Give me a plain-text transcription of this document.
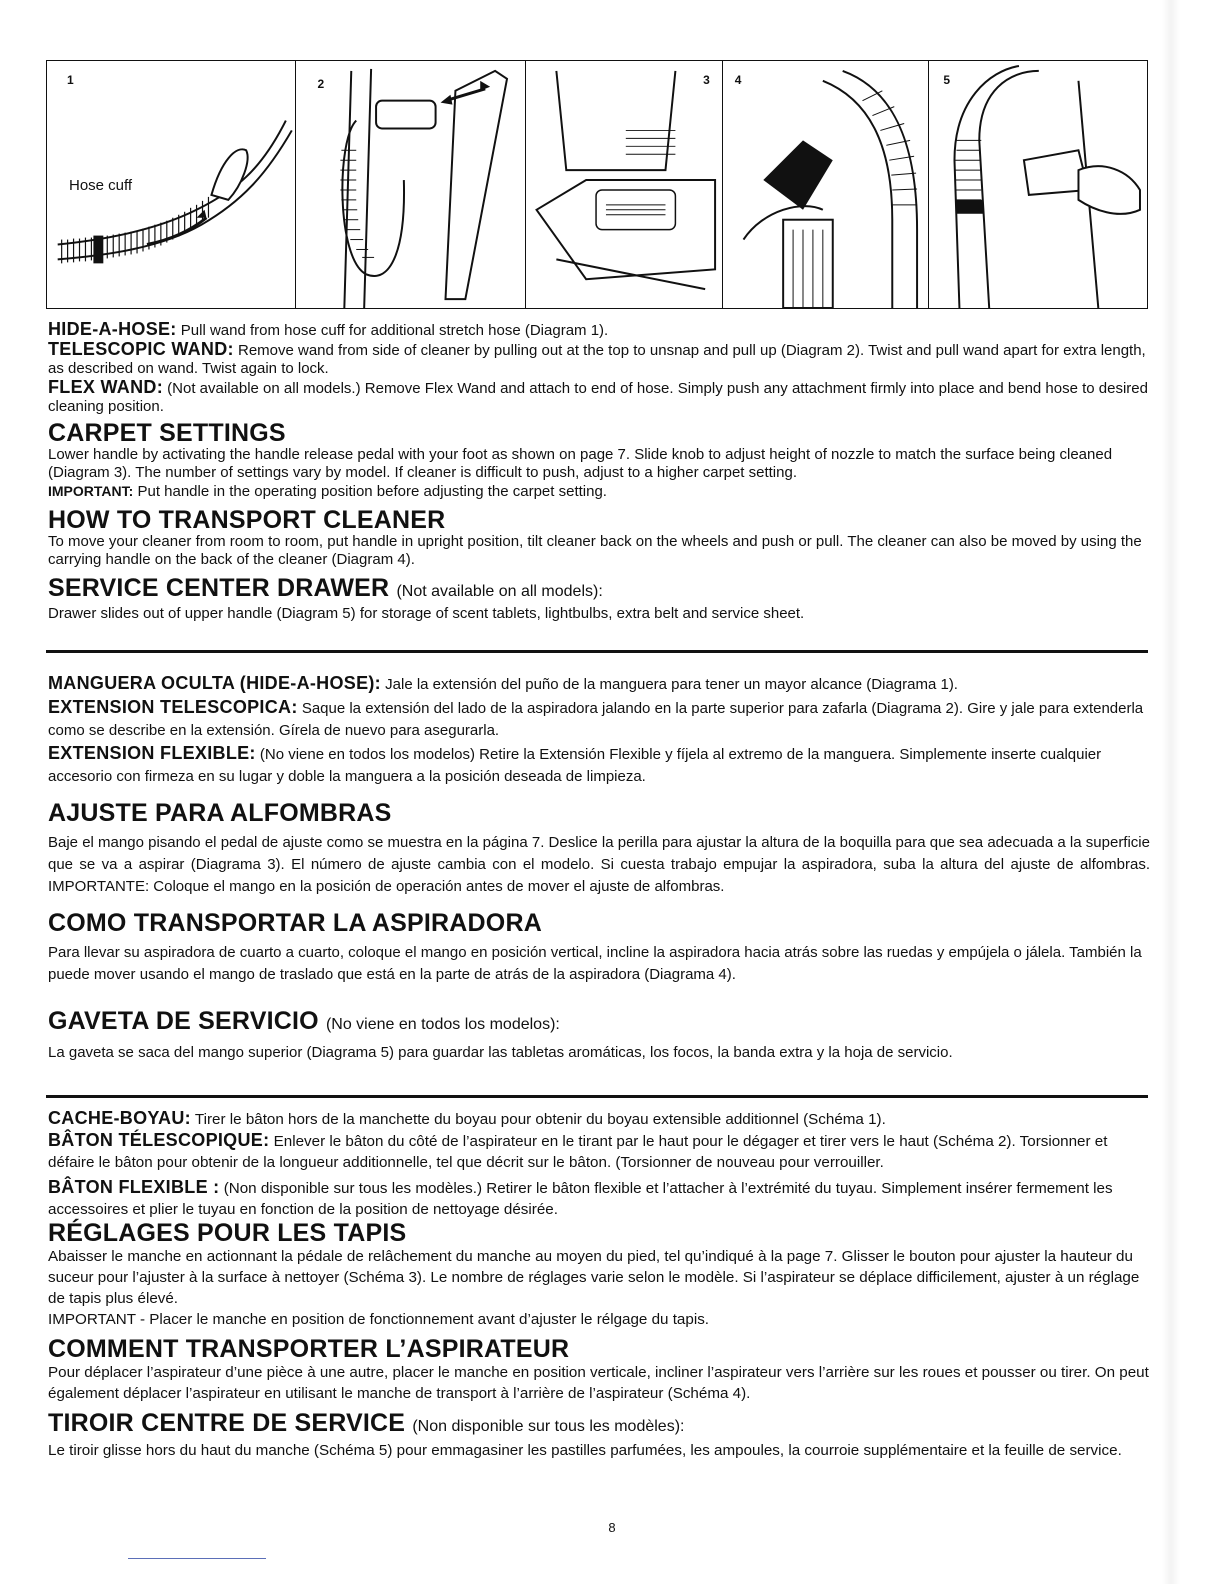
1
Hose cuff
2	3 4	5

HIDE-A-HOSE: Pull wand from hose cuff for additional stretch hose (Diagram 1).

TELESCOPIC WAND: Remove wand from side of cleaner by pulling out at the top to unsnap and pull up (Diagram 2). Twist and pull wand apart for extra length, as described on wand. Twist again to lock.

FLEX WAND: (Not available on all models.) Remove Flex Wand and attach to end of hose. Simply push any attachment firmly into place and bend hose to desired cleaning position.

CARPET SETTINGS

Lower handle by activating the handle release pedal with your foot as shown on page 7. Slide knob to adjust height of nozzle to match the surface being cleaned (Diagram 3). The number of settings vary by model. If cleaner is difficult to push, adjust to a higher carpet setting.

IMPORTANT: Put handle in the operating position before adjusting the carpet setting.

HOW TO TRANSPORT CLEANER

To move your cleaner from room to room, put handle in upright position, tilt cleaner back on the wheels and push or pull. The cleaner can also be moved by using the carrying handle on the back of the cleaner (Diagram 4).

SERVICE CENTER DRAWER (Not available on all models):

Drawer slides out of upper handle (Diagram 5) for storage of scent tablets, lightbulbs, extra belt and service sheet.

MANGUERA OCULTA (HIDE-A-HOSE): Jale la extensión del puño de la manguera para tener un mayor alcance (Diagrama 1).

EXTENSION TELESCOPICA: Saque la extensión del lado de la aspiradora jalando en la parte superior para zafarla (Diagrama 2). Gire y jale para extenderla como se describe en la extensión. Gírela de nuevo para asegurarla.

EXTENSION FLEXIBLE: (No viene en todos los modelos) Retire la Extensión Flexible y fíjela al extremo de la manguera. Simplemente inserte cualquier accesorio con firmeza en su lugar y doble la manguera a la posición deseada de limpieza.

AJUSTE PARA ALFOMBRAS

Baje el mango pisando el pedal de ajuste como se muestra en la página 7. Deslice la perilla para ajustar la altura de la boquilla para que sea adecuada a la superficie que se va a aspirar (Diagrama 3). El número de ajuste cambia con el modelo. Si cuesta trabajo empujar la aspiradora, suba la altura del ajuste de alfombras. IMPORTANTE: Coloque el mango en la posición de operación antes de mover el ajuste de alfombras.

COMO TRANSPORTAR LA ASPIRADORA

Para llevar su aspiradora de cuarto a cuarto, coloque el mango en posición vertical, incline la aspiradora hacia atrás sobre las ruedas y empújela o jálela. También la puede mover usando el mango de traslado que está en la parte de atrás de la aspiradora (Diagrama 4).

GAVETA DE SERVICIO (No viene en todos los modelos):

La gaveta se saca del mango superior (Diagrama 5) para guardar las tabletas aromáticas, los focos, la banda extra y la hoja de servicio.

CACHE-BOYAU: Tirer le bâton hors de la manchette du boyau pour obtenir du boyau extensible additionnel (Schéma 1).

BÂTON TÉLESCOPIQUE: Enlever le bâton du côté de l’aspirateur en le tirant par le haut pour le dégager et tirer vers le haut (Schéma 2). Torsionner et défaire le bâton pour obtenir de la longueur additionnelle, tel que décrit sur le bâton. (Torsionner de nouveau pour verrouiller.

BÂTON FLEXIBLE : (Non disponible sur tous les modèles.) Retirer le bâton flexible et l’attacher à l’extrémité du tuyau. Simplement insérer fermement les accessoires et plier le tuyau en fonction de la position de nettoyage désirée.

RÉGLAGES POUR LES TAPIS

Abaisser le manche en actionnant la pédale de relâchement du manche au moyen du pied, tel qu’indiqué à la page 7. Glisser le bouton pour ajuster la hauteur du suceur pour l’ajuster à la surface à nettoyer (Schéma 3). Le nombre de réglages varie selon le modèle. Si l’aspirateur se déplace difficilement, ajuster à un réglage de tapis plus élevé.

IMPORTANT - Placer le manche en position de fonctionnement avant d’ajuster le rélgage du tapis.

COMMENT TRANSPORTER L’ASPIRATEUR

Pour déplacer l’aspirateur d’une pièce à une autre, placer le manche en position verticale, incliner l’aspirateur vers l’arrière sur les roues et pousser ou tirer. On peut également déplacer l’aspirateur en utilisant le manche de transport à l’arrière de l’aspirateur (Schéma 4).

TIROIR CENTRE DE SERVICE (Non disponible sur tous les modèles):

Le tiroir glisse hors du haut du manche (Schéma 5) pour emmagasiner les pastilles parfumées, les ampoules, la courroie supplémentaire et la feuille de service.

8
